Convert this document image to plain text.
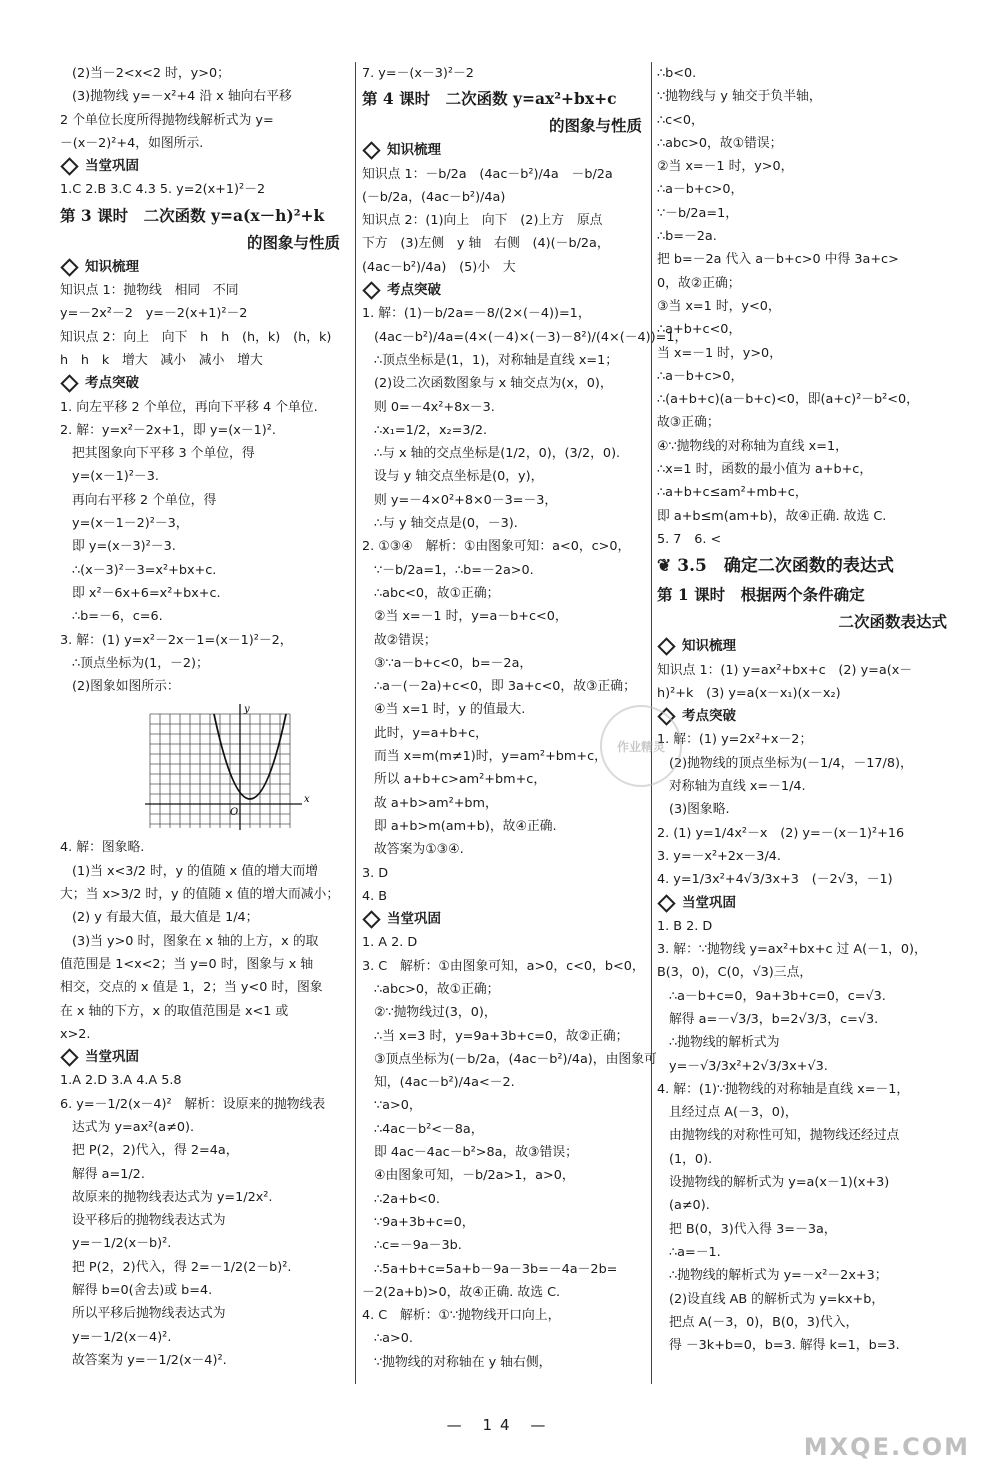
(2)当－2<x<2 时，y>0；
(3)抛物线 y=－x²+4 沿 x 轴向右平移
2 个单位长度所得抛物线解析式为 y=
－(x－2)²+4，如图所示.
当堂巩固
1.C 2.B 3.C 4.3 5. y=2(x+1)²－2
第 3 课时　二次函数 y=a(x－h)²+k
的图象与性质
知识梳理
知识点 1：抛物线　相同　不同
y=－2x²－2　y=－2(x+1)²－2
知识点 2：向上　向下　h　h　(h，k)　(h，k)
h　h　k　增大　减小　减小　增大
考点突破
1. 向左平移 2 个单位，再向下平移 4 个单位.
2. 解：y=x²－2x+1，即 y=(x－1)².
把其图象向下平移 3 个单位，得
y=(x－1)²－3.
再向右平移 2 个单位，得
y=(x－1－2)²－3，
即 y=(x－3)²－3.
∴(x－3)²－3=x²+bx+c.
即 x²－6x+6=x²+bx+c.
∴b=－6，c=6.
3. 解：(1) y=x²－2x－1=(x－1)²－2，
∴顶点坐标为(1，－2)；
(2)图象如图所示：
y
x
O
4. 解：图象略.
(1)当 x<3/2 时，y 的值随 x 值的增大而增
大；当 x>3/2 时，y 的值随 x 值的增大而减小；
(2) y 有最大值，最大值是 1/4；
(3)当 y>0 时，图象在 x 轴的上方，x 的取
值范围是 1<x<2；当 y=0 时，图象与 x 轴
相交，交点的 x 值是 1，2；当 y<0 时，图象
在 x 轴的下方，x 的取值范围是 x<1 或
x>2.
当堂巩固
1.A 2.D 3.A 4.A 5.8
6. y=－1/2(x－4)²　解析：设原来的抛物线表
达式为 y=ax²(a≠0).
把 P(2，2)代入，得 2=4a，
解得 a=1/2.
故原来的抛物线表达式为 y=1/2x².
设平移后的抛物线表达式为
y=－1/2(x－b)².
把 P(2，2)代入，得 2=－1/2(2－b)².
解得 b=0(舍去)或 b=4.
所以平移后抛物线表达式为
y=－1/2(x－4)².
故答案为 y=－1/2(x－4)².
7. y=－(x－3)²－2
第 4 课时　二次函数 y=ax²+bx+c
的图象与性质
知识梳理
知识点 1：－b/2a　(4ac－b²)/4a　－b/2a
(－b/2a，(4ac－b²)/4a)
知识点 2：(1)向上　向下　(2)上方　原点
下方　(3)左侧　y 轴　右侧　(4)(－b/2a，
(4ac－b²)/4a)　(5)小　大
考点突破
1. 解：(1)－b/2a=－8/(2×(－4))=1，
(4ac－b²)/4a=(4×(－4)×(－3)－8²)/(4×(－4))=1，
∴顶点坐标是(1，1)，对称轴是直线 x=1；
(2)设二次函数图象与 x 轴交点为(x，0)，
则 0=－4x²+8x－3.
∴x₁=1/2，x₂=3/2.
∴与 x 轴的交点坐标是(1/2，0)，(3/2，0).
设与 y 轴交点坐标是(0，y)，
则 y=－4×0²+8×0－3=－3，
∴与 y 轴交点是(0，－3).
2. ①③④　解析：①由图象可知：a<0，c>0，
∵－b/2a=1，∴b=－2a>0.
∴abc<0，故①正确；
②当 x=－1 时，y=a－b+c<0，
故②错误；
③∵a－b+c<0，b=－2a，
∴a－(－2a)+c<0，即 3a+c<0，故③正确；
④当 x=1 时，y 的值最大.
此时，y=a+b+c，
而当 x=m(m≠1)时，y=am²+bm+c，
所以 a+b+c>am²+bm+c，
故 a+b>am²+bm，
即 a+b>m(am+b)，故④正确.
故答案为①③④.
3. D
4. B
当堂巩固
1. A 2. D
3. C　解析：①由图象可知，a>0，c<0，b<0，
∴abc>0，故①正确；
②∵抛物线过(3，0)，
∴当 x=3 时，y=9a+3b+c=0，故②正确；
③顶点坐标为(－b/2a，(4ac－b²)/4a)，由图象可
知，(4ac－b²)/4a<－2.
∵a>0，
∴4ac－b²<－8a，
即 4ac－4ac－b²>8a，故③错误；
④由图象可知，－b/2a>1，a>0，
∴2a+b<0.
∵9a+3b+c=0，
∴c=－9a－3b.
∴5a+b+c=5a+b－9a－3b=－4a－2b=
－2(2a+b)>0，故④正确. 故选 C.
4. C　解析：①∵抛物线开口向上，
∴a>0.
∵抛物线的对称轴在 y 轴右侧，
∴b<0.
∵抛物线与 y 轴交于负半轴，
∴c<0，
∴abc>0，故①错误；
②当 x=－1 时，y>0，
∴a－b+c>0，
∵－b/2a=1，
∴b=－2a.
把 b=－2a 代入 a－b+c>0 中得 3a+c>
0，故②正确；
③当 x=1 时，y<0，
∴a+b+c<0，
当 x=－1 时，y>0，
∴a－b+c>0，
∴(a+b+c)(a－b+c)<0，即(a+c)²－b²<0，
故③正确；
④∵抛物线的对称轴为直线 x=1，
∴x=1 时，函数的最小值为 a+b+c，
∴a+b+c≤am²+mb+c，
即 a+b≤m(am+b)，故④正确. 故选 C.
5. 7　6. <
❦ 3.5　确定二次函数的表达式
第 1 课时　根据两个条件确定
二次函数表达式
知识梳理
知识点 1：(1) y=ax²+bx+c　(2) y=a(x－
h)²+k　(3) y=a(x－x₁)(x－x₂)
考点突破
1. 解：(1) y=2x²+x－2；
(2)抛物线的顶点坐标为(－1/4，－17/8)，
对称轴为直线 x=－1/4.
(3)图象略.
2. (1) y=1/4x²－x　(2) y=－(x－1)²+16
3. y=－x²+2x－3/4.
4. y=1/3x²+4√3/3x+3　(－2√3，－1)
当堂巩固
1. B 2. D
3. 解：∵抛物线 y=ax²+bx+c 过 A(－1，0)，
B(3，0)，C(0，√3)三点，
∴a－b+c=0，9a+3b+c=0，c=√3.
解得 a=－√3/3，b=2√3/3，c=√3.
∴抛物线的解析式为
y=－√3/3x²+2√3/3x+√3.
4. 解：(1)∵抛物线的对称轴是直线 x=－1，
且经过点 A(－3，0)，
由抛物线的对称性可知，抛物线还经过点
(1，0).
设抛物线的解析式为 y=a(x－1)(x+3)
(a≠0).
把 B(0，3)代入得 3=－3a，
∴a=－1.
∴抛物线的解析式为 y=－x²－2x+3；
(2)设直线 AB 的解析式为 y=kx+b，
把点 A(－3，0)，B(0，3)代入，
得 －3k+b=0，b=3. 解得 k=1，b=3.
作业精灵
— 14 —
MXQE.COM
